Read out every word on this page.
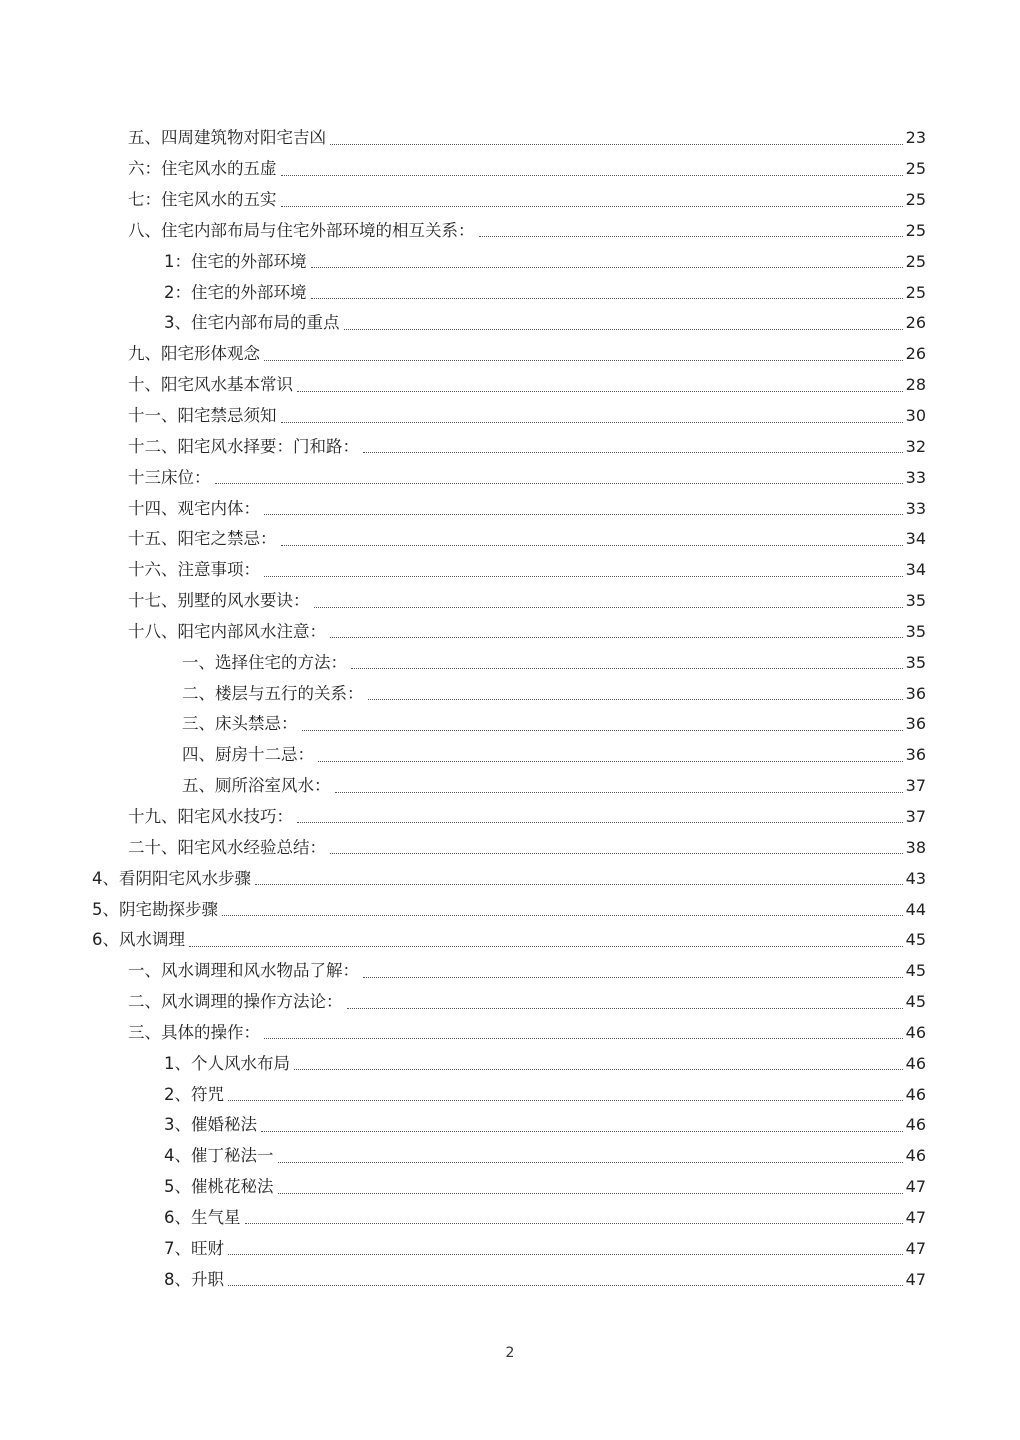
五、四周建筑物对阳宅吉凶	23
六：住宅风水的五虚	25
七：住宅风水的五实	25
八、住宅内部布局与住宅外部环境的相互关系：	25
1：住宅的外部环境	25
2：住宅的外部环境	25
3、住宅内部布局的重点	26
九、阳宅形体观念	26
十、阳宅风水基本常识	28
十一、阳宅禁忌须知	30
十二、阳宅风水择要：门和路：	32
十三床位：	33
十四、观宅内体：	33
十五、阳宅之禁忌：	34
十六、注意事项：	34
十七、别墅的风水要诀：	35
十八、阳宅内部风水注意：	35
一、选择住宅的方法：	35
二、楼层与五行的关系：	36
三、床头禁忌：	36
四、厨房十二忌：	36
五、厕所浴室风水：	37
十九、阳宅风水技巧：	37
二十、阳宅风水经验总结：	38
4、看阴阳宅风水步骤	43
5、阴宅勘探步骤	44
6、风水调理	45
一、风水调理和风水物品了解：	45
二、风水调理的操作方法论：	45
三、具体的操作：	46
1、个人风水布局	46
2、符咒	46
3、催婚秘法	46
4、催丁秘法一	46
5、催桃花秘法	47
6、生气星	47
7、旺财	47
8、升职	47
2
